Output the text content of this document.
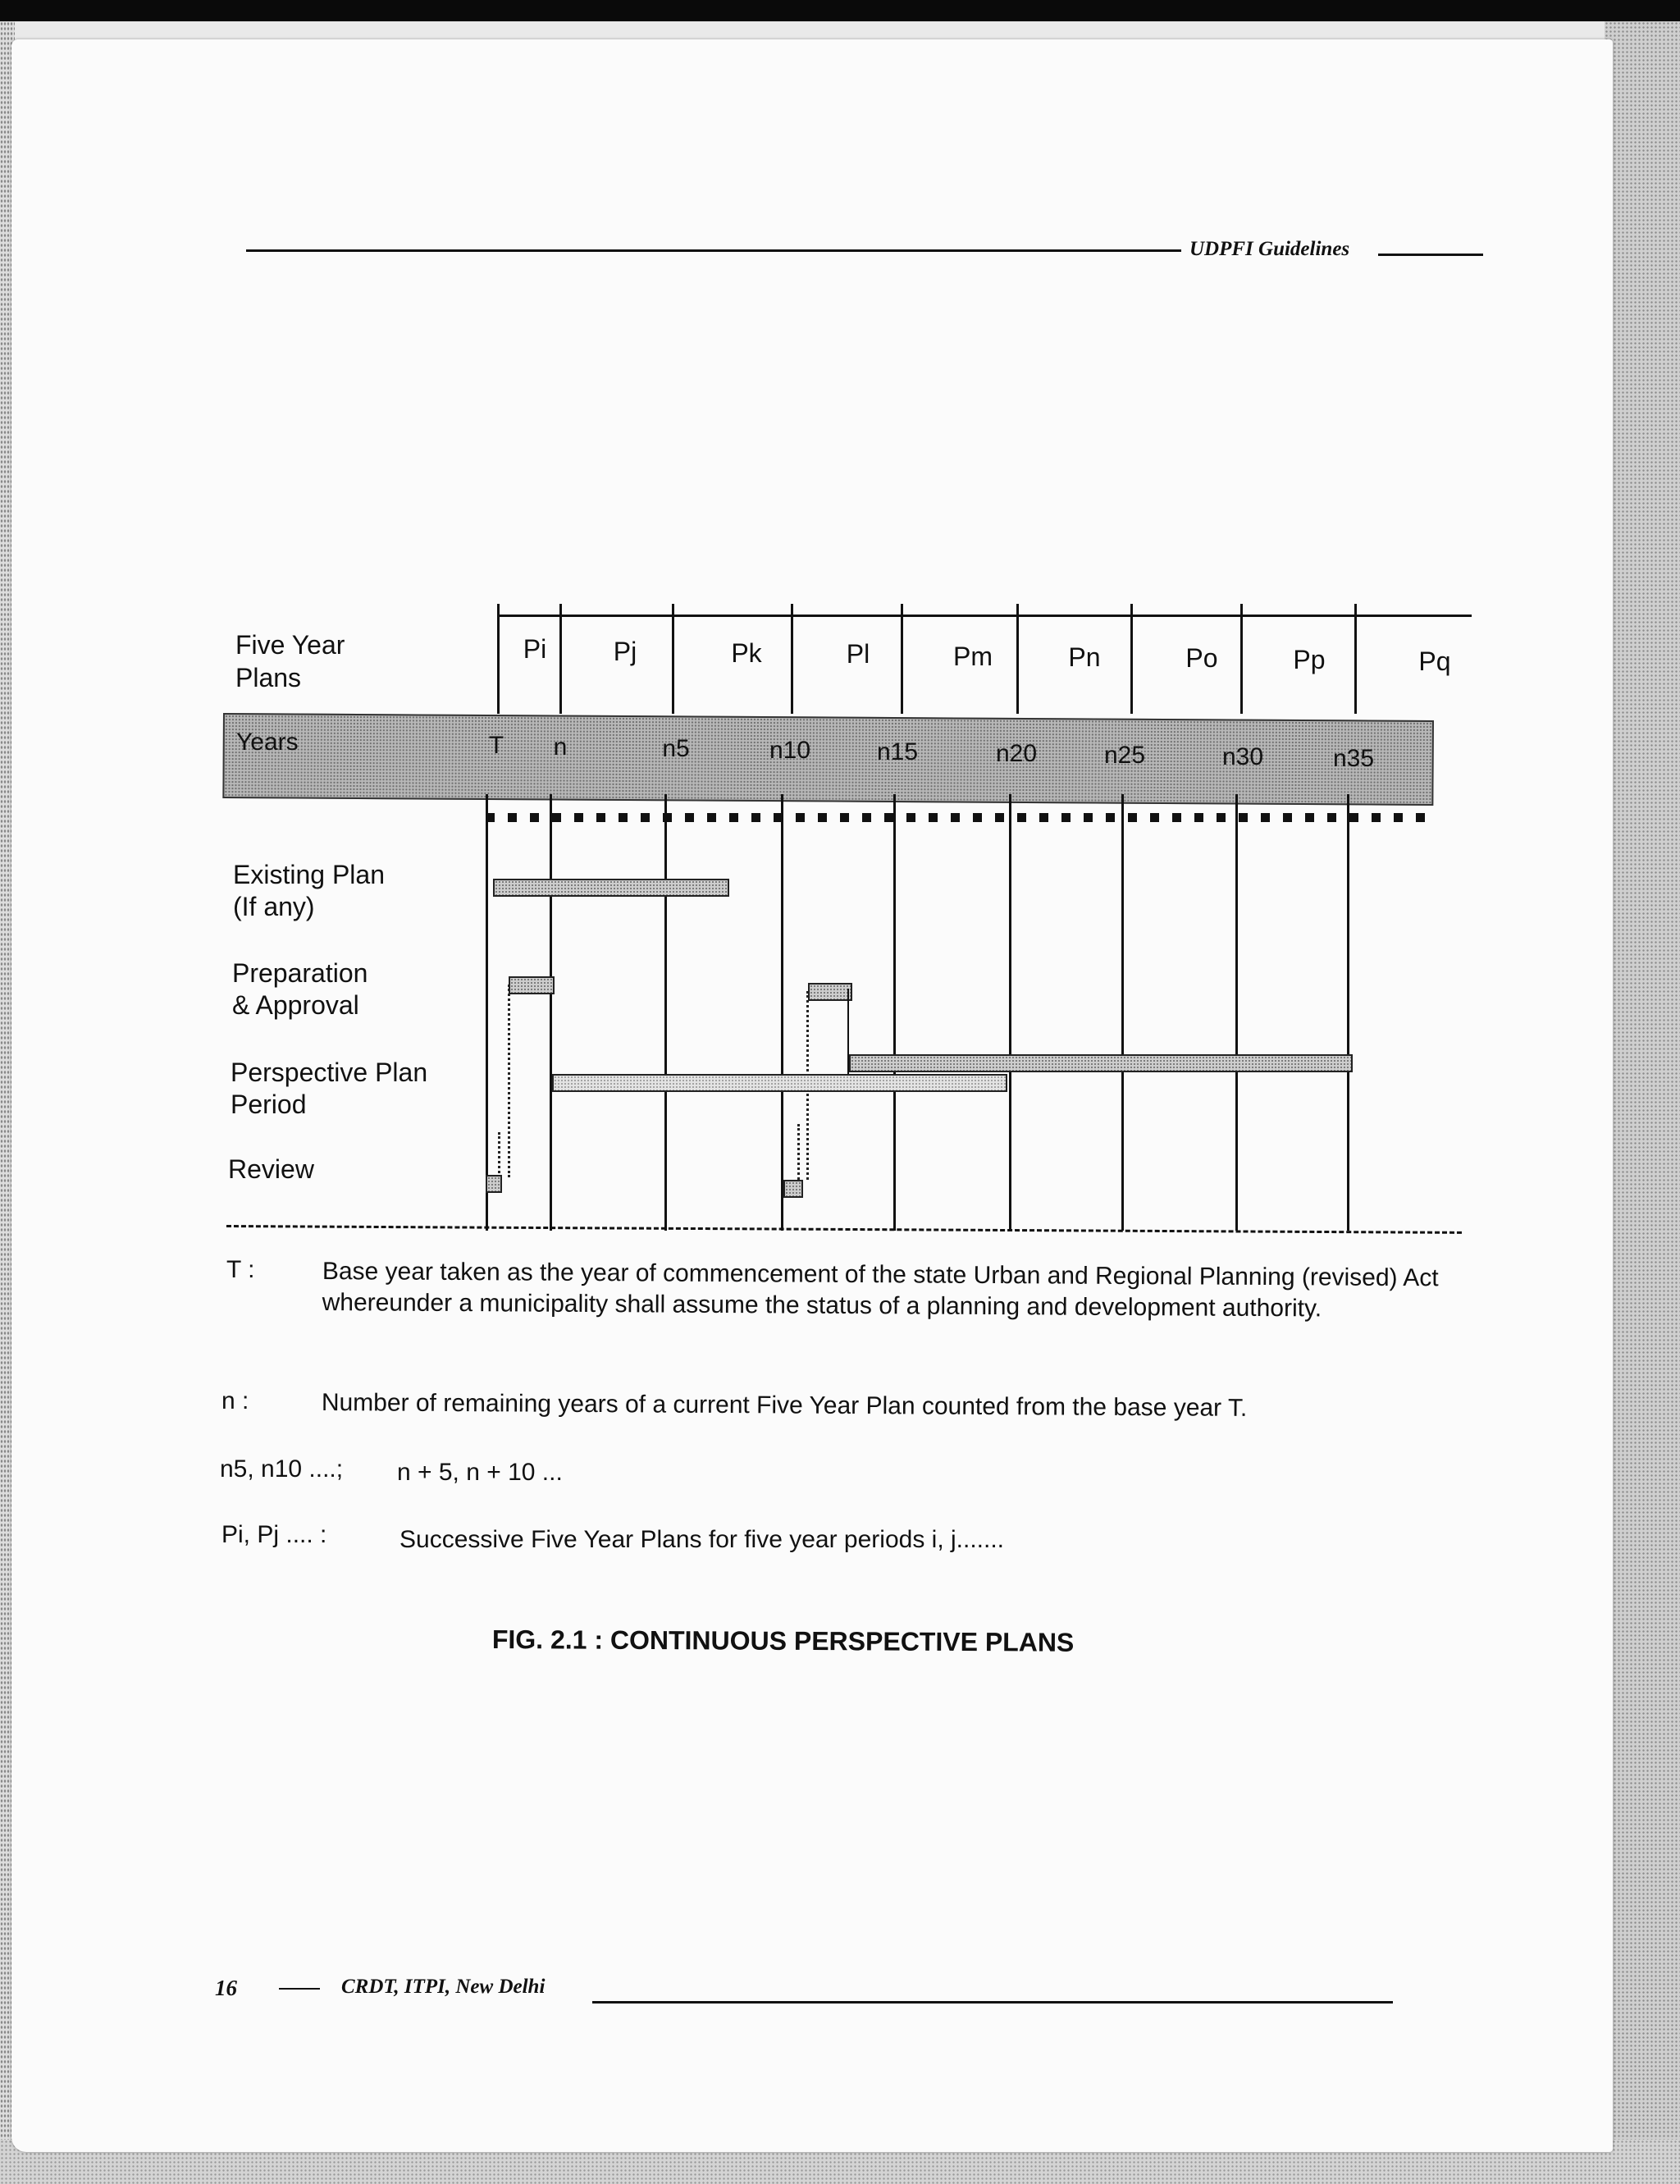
UDPFI Guidelines
Five Year
Plans
Pi	Pj	Pk	Pl	Pm	Pn	Po	Pp	Pq
Years	T n	n5	n10	n15	n20	n25	n30	n35
Existing Plan
(If any)
Preparation
& Approval
Perspective Plan
Period
Review
T :	Base year taken as the year of commencement of the state Urban and Regional Planning (revised) Act whereunder a municipality shall assume the status of a planning and development authority.
n :	Number of remaining years of a current Five Year Plan counted from the base year T.
n5, n10 ....; n + 5, n + 10 ...
Pi, Pj .... :	Successive Five Year Plans for five year periods i, j.......
FIG. 2.1 : CONTINUOUS PERSPECTIVE PLANS
16	CRDT, ITPI, New Delhi
